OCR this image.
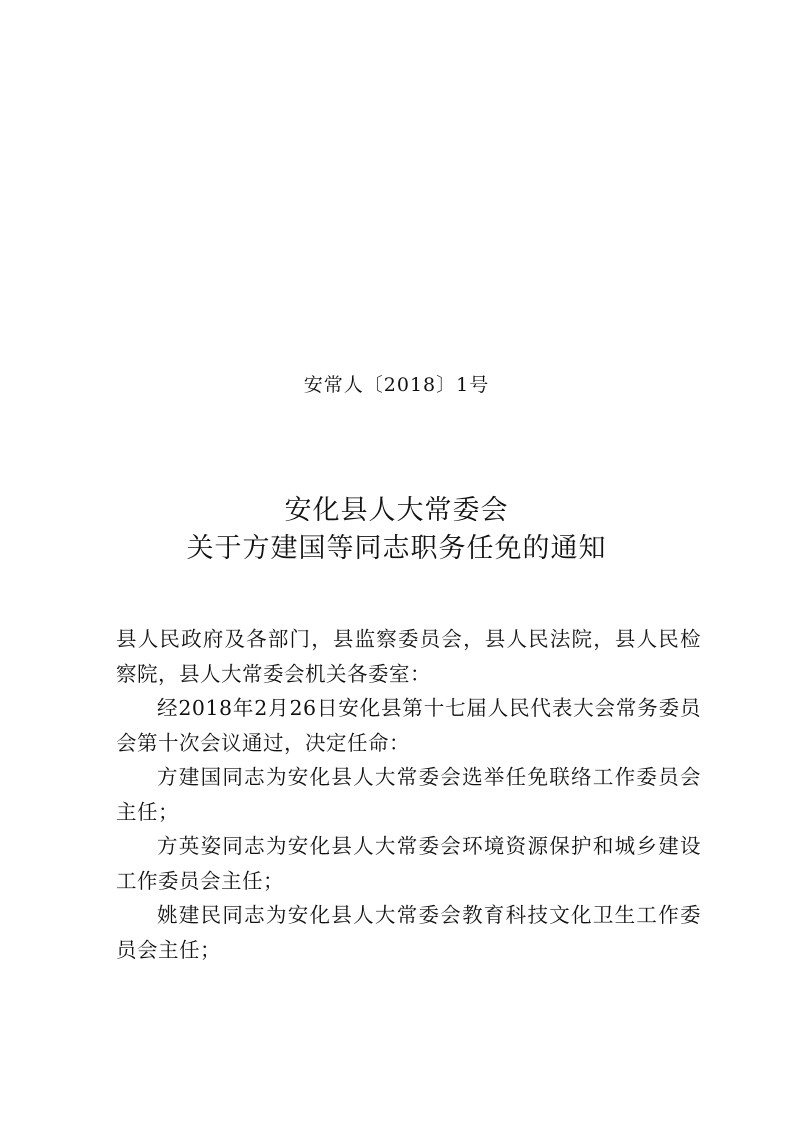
安常人〔2018〕1号

安化县人大常委会

关于方建国等同志职务任免的通知

县人民政府及各部门，县监察委员会，县人民法院，县人民检察院，县人大常委会机关各委室：

经2018年2月26日安化县第十七届人民代表大会常务委员会第十次会议通过，决定任命：

方建国同志为安化县人大常委会选举任免联络工作委员会主任；

方英姿同志为安化县人大常委会环境资源保护和城乡建设工作委员会主任；

姚建民同志为安化县人大常委会教育科技文化卫生工作委员会主任；
